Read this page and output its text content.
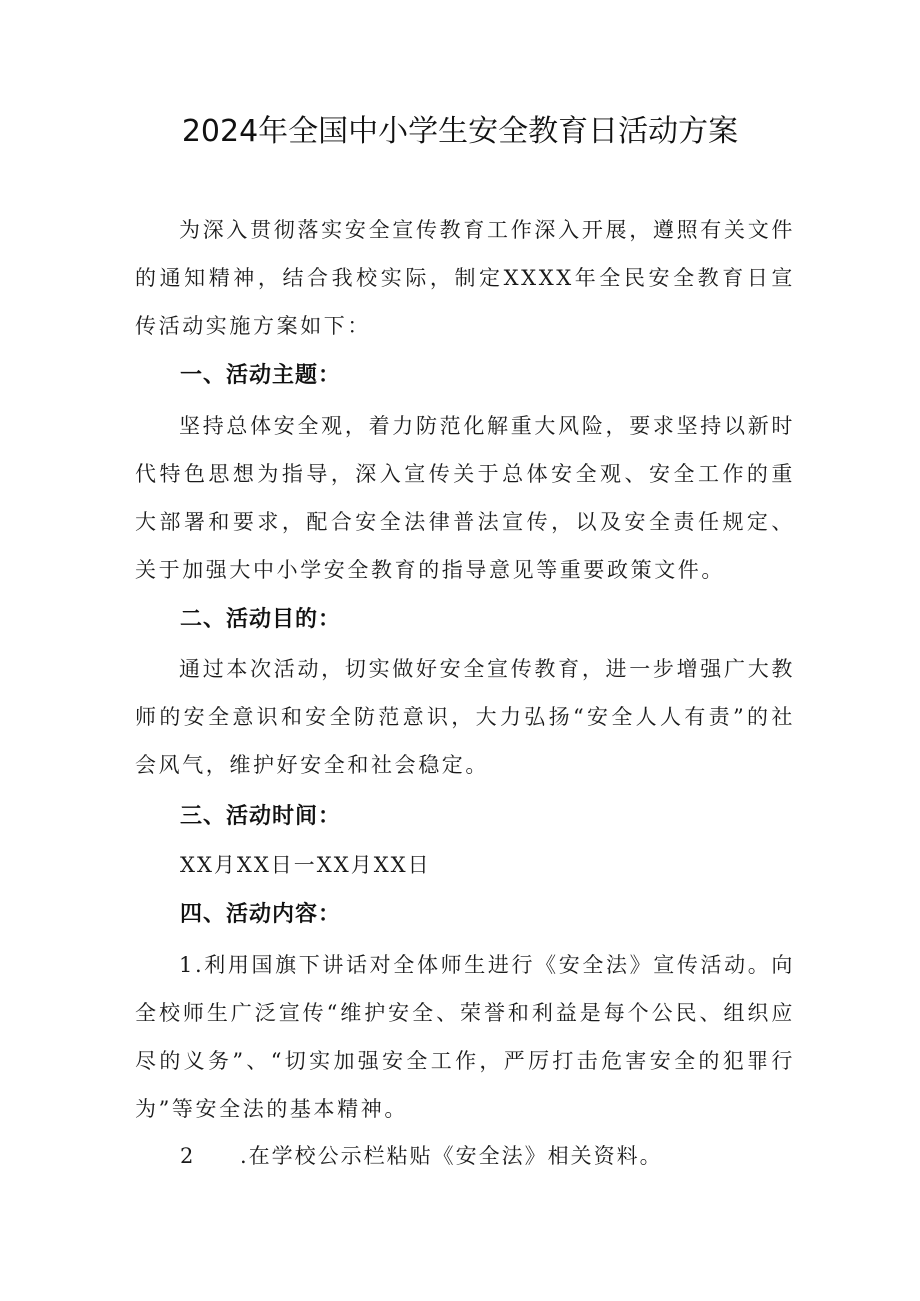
2024年全国中小学生安全教育日活动方案

为深入贯彻落实安全宣传教育工作深入开展，遵照有关文件的通知精神，结合我校实际，制定XXXX年全民安全教育日宣传活动实施方案如下：

一、活动主题：

坚持总体安全观，着力防范化解重大风险，要求坚持以新时代特色思想为指导，深入宣传关于总体安全观、安全工作的重大部署和要求，配合安全法律普法宣传，以及安全责任规定、关于加强大中小学安全教育的指导意见等重要政策文件。

二、活动目的：

通过本次活动，切实做好安全宣传教育，进一步增强广大教师的安全意识和安全防范意识，大力弘扬“安全人人有责”的社会风气，维护好安全和社会稳定。

三、活动时间：

XX月XX日一XX月XX日

四、活动内容：

1.利用国旗下讲话对全体师生进行《安全法》宣传活动。向全校师生广泛宣传“维护安全、荣誉和利益是每个公民、组织应尽的义务”、“切实加强安全工作，严厉打击危害安全的犯罪行为”等安全法的基本精神。

2 .在学校公示栏粘贴《安全法》相关资料。
